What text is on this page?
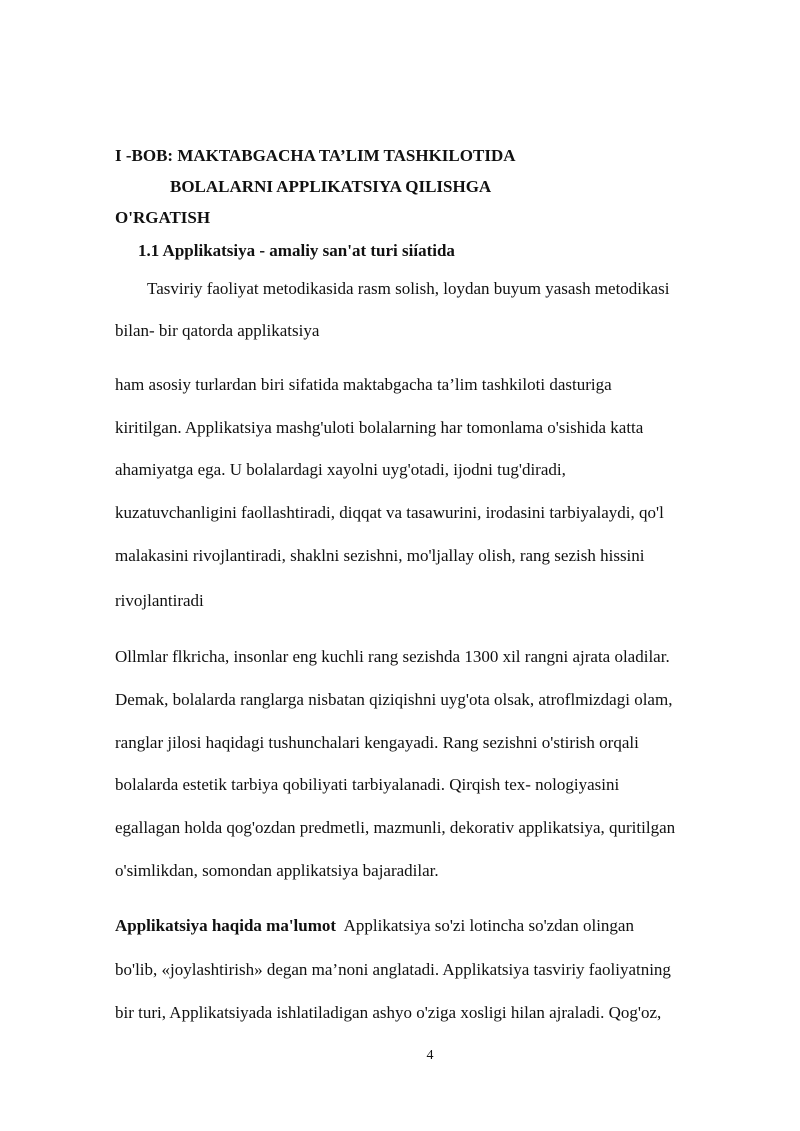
I -BOB: MAKTABGACHA TA’LIM TASHKILOTIDA
BOLALARNI APPLIKATSIYA QILISHGA
O'RGATISH
1.1 Applikatsiya - amaliy san'at turi siíatida
Tasviriy faoliyat metodikasida rasm solish, loydan buyum yasash metodikasi
bilan- bir qatorda applikatsiya
ham asosiy turlardan biri sifatida maktabgacha ta’lim tashkiloti dasturiga
kiritilgan. Applikatsiya mashg'uloti bolalarning har tomonlama o'sishida katta
ahamiyatga ega. U bolalardagi xayolni uyg'otadi, ijodni tug'diradi,
kuzatuvchanligini faollashtiradi, diqqat va tasawurini, irodasini tarbiyalaydi, qo'l
malakasini rivojlantiradi, shaklni sezishni, mo'ljallay olish, rang sezish hissini
rivojlantiradi
Ollmlar flkricha, insonlar eng kuchli rang sezishda 1300 xil rangni ajrata oladilar.
Demak, bolalarda ranglarga nisbatan qiziqishni uyg'ota olsak, atroflmizdagi olam,
ranglar jilosi haqidagi tushunchalari kengayadi. Rang sezishni o'stirish orqali
bolalarda estetik tarbiya qobiliyati tarbiyalanadi. Qirqish tex- nologiyasini
egallagan holda qog'ozdan predmetli, mazmunli, dekorativ applikatsiya, quritilgan
o'simlikdan, somondan applikatsiya bajaradilar.
Applikatsiya haqida ma'lumot  Applikatsiya so'zi lotincha so'zdan olingan
bo'lib, «joylashtirish» degan ma’noni anglatadi. Applikatsiya tasviriy faoliyatning
bir turi, Applikatsiyada ishlatiladigan ashyo o'ziga xosligi hilan ajraladi. Qog'oz,
4
